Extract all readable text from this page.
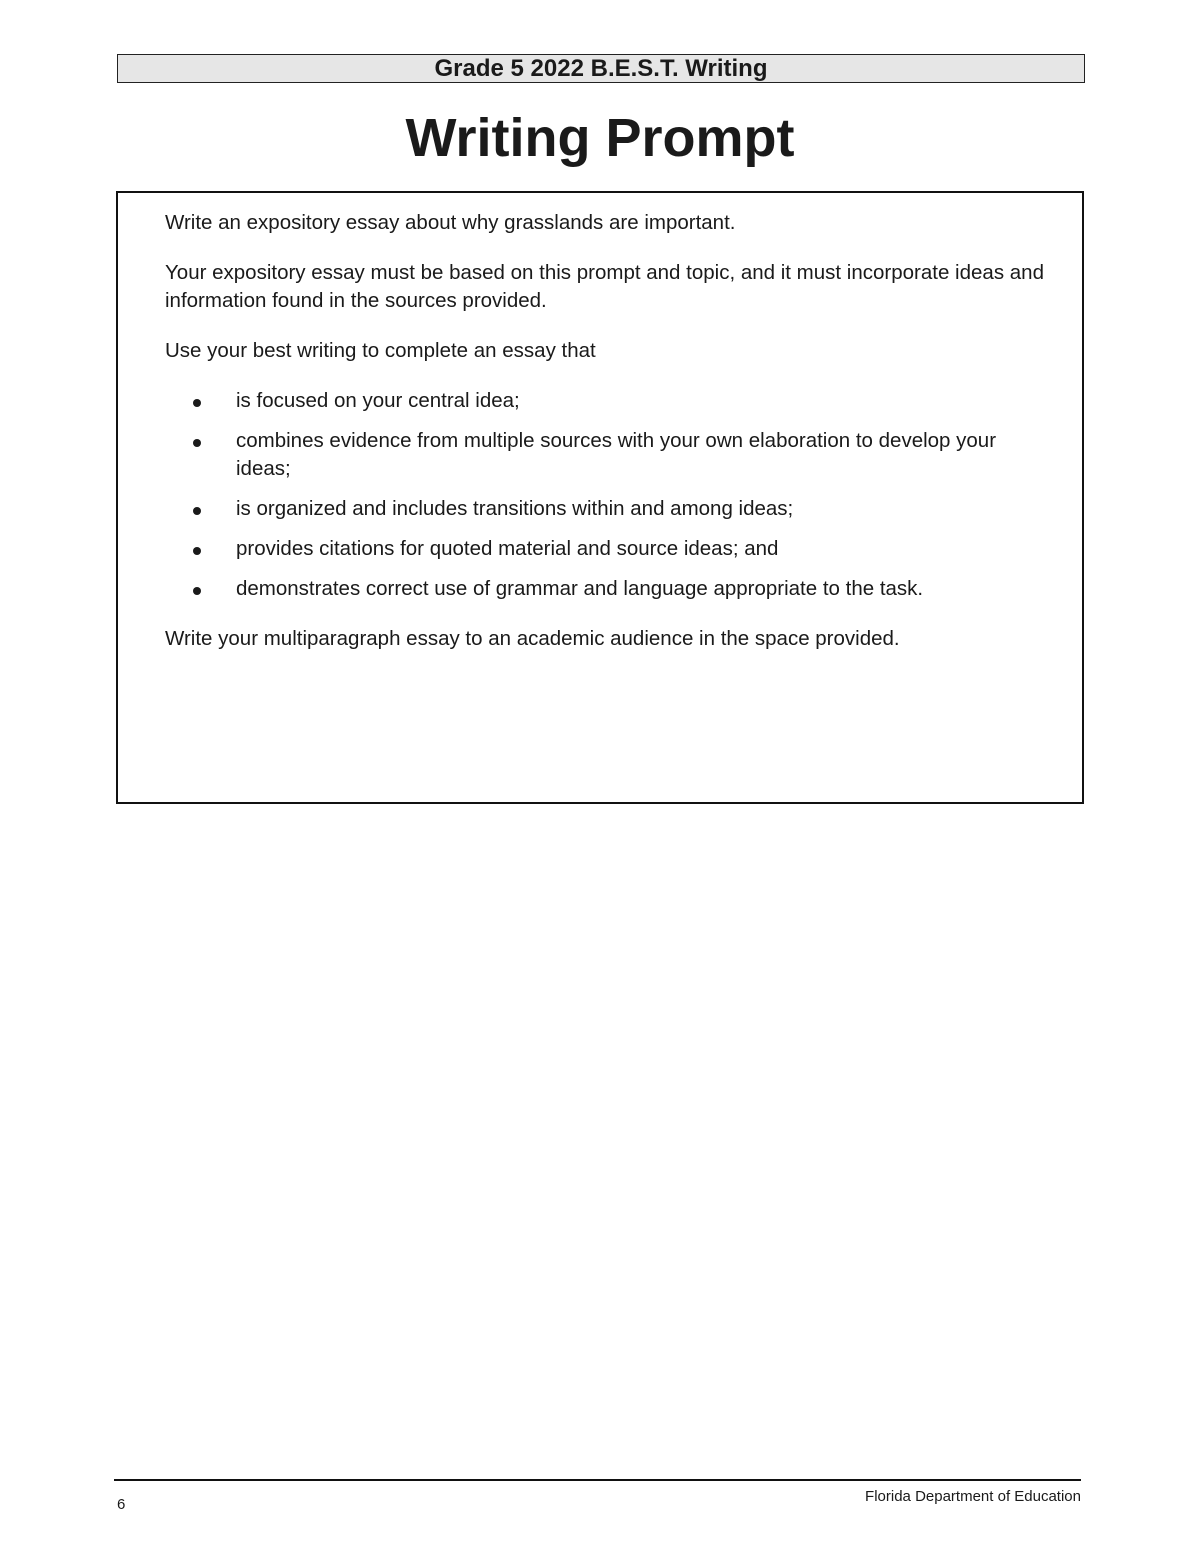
Grade 5 2022 B.E.S.T. Writing
Writing Prompt

Write an expository essay about why grasslands are important.

Your expository essay must be based on this prompt and topic, and it must incorporate ideas and information found in the sources provided.

Use your best writing to complete an essay that

is focused on your central idea;
combines evidence from multiple sources with your own elaboration to develop your ideas;
is organized and includes transitions within and among ideas;
provides citations for quoted material and source ideas; and
demonstrates correct use of grammar and language appropriate to the task.

Write your multiparagraph essay to an academic audience in the space provided.

6	Florida Department of Education
